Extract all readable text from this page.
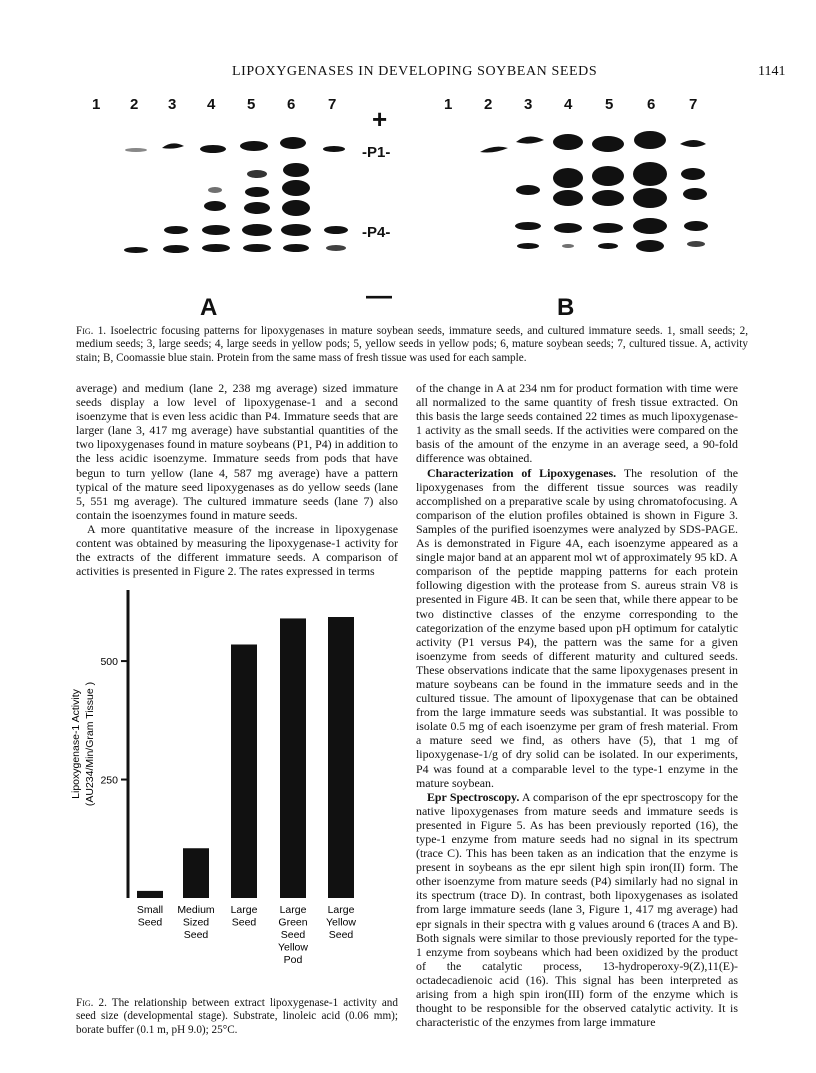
LIPOXYGENASES IN DEVELOPING SOYBEAN SEEDS	1141
1 2 3 4 5 6 7	1 2 3 4 5 6 7
+
-P1-
-P4-
—
A	B
Fig. 1. Isoelectric focusing patterns for lipoxygenases in mature soybean seeds, immature seeds, and cultured immature seeds. 1, small seeds; 2, medium seeds; 3, large seeds; 4, large seeds in yellow pods; 5, yellow seeds in yellow pods; 6, mature soybean seeds; 7, cultured tissue. A, activity stain; B, Coomassie blue stain. Protein from the same mass of fresh tissue was used for each sample.

average) and medium (lane 2, 238 mg average) sized immature seeds display a low level of lipoxygenase-1 and a second isoenzyme that is even less acidic than P4. Immature seeds that are larger (lane 3, 417 mg average) have substantial quantities of the two lipoxygenases found in mature soybeans (P1, P4) in addition to the less acidic isoenzyme. Immature seeds from pods that have begun to turn yellow (lane 4, 587 mg average) have a pattern typical of the mature seed lipoxygenases as do yellow seeds (lane 5, 551 mg average). The cultured immature seeds (lane 7) also contain the isoenzymes found in mature seeds.

A more quantitative measure of the increase in lipoxygenase content was obtained by measuring the lipoxygenase-1 activity for the extracts of the different immature seeds. A comparison of activities is presented in Figure 2. The rates expressed in terms

250
500
Lipoxygenase-1 Activity (AU234/Min/Gram Tissue )
Small
Seed
Medium
Sized
Seed
Large
Seed
Large
Green
Seed
Yellow
Pod
Large
Yellow
Seed
Fig. 2. The relationship between extract lipoxygenase-1 activity and seed size (developmental stage). Substrate, linoleic acid (0.06 mm); borate buffer (0.1 m, pH 9.0); 25°C.

of the change in A at 234 nm for product formation with time were all normalized to the same quantity of fresh tissue extracted. On this basis the large seeds contained 22 times as much lipoxygenase-1 activity as the small seeds. If the activities were compared on the basis of the amount of the enzyme in an average seed, a 90-fold difference was obtained.

Characterization of Lipoxygenases. The resolution of the lipoxygenases from the different tissue sources was readily accomplished on a preparative scale by using chromatofocusing. A comparison of the elution profiles obtained is shown in Figure 3. Samples of the purified isoenzymes were analyzed by SDS-PAGE. As is demonstrated in Figure 4A, each isoenzyme appeared as a single major band at an apparent mol wt of approximately 95 kD. A comparison of the peptide mapping patterns for each protein following digestion with the protease from S. aureus strain V8 is presented in Figure 4B. It can be seen that, while there appear to be two distinctive classes of the enzyme corresponding to the categorization of the enzyme based upon pH optimum for catalytic activity (P1 versus P4), the pattern was the same for a given isoenzyme from seeds of different maturity and cultured seeds. These observations indicate that the same lipoxygenases present in mature soybeans can be found in the immature seeds and in the cultured tissue. The amount of lipoxygenase that can be obtained from the large immature seeds was substantial. It was possible to isolate 0.5 mg of each isoenzyme per gram of fresh material. From a mature seed we find, as others have (5), that 1 mg of lipoxygenase-1/g of dry solid can be isolated. In our experiments, P4 was found at a comparable level to the type-1 enzyme in the mature soybean.

Epr Spectroscopy. A comparison of the epr spectroscopy for the native lipoxygenases from mature seeds and immature seeds is presented in Figure 5. As has been previously reported (16), the type-1 enzyme from mature seeds had no signal in its spectrum (trace C). This has been taken as an indication that the enzyme is present in soybeans as the epr silent high spin iron(II) form. The other isoenzyme from mature seeds (P4) similarly had no signal in its spectrum (trace D). In contrast, both lipoxygenases as isolated from large immature seeds (lane 3, Figure 1, 417 mg average) had epr signals in their spectra with g values around 6 (traces A and B). Both signals were similar to those previously reported for the type-1 enzyme from soybeans which had been oxidized by the product of the catalytic process, 13-hydroperoxy-9(Z),11(E)-octadecadienoic acid (16). This signal has been interpreted as arising from a high spin iron(III) form of the enzyme which is thought to be responsible for the observed catalytic activity. It is characteristic of the enzymes from large immature
